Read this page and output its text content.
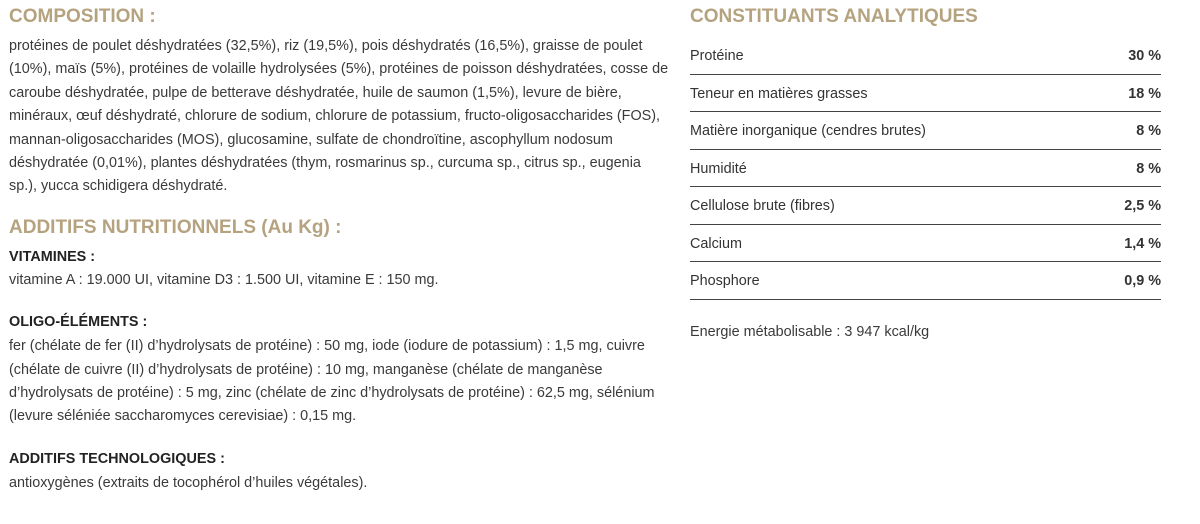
COMPOSITION :

protéines de poulet déshydratées (32,5%), riz (19,5%), pois déshydratés (16,5%), graisse de poulet (10%), maïs (5%), protéines de volaille hydrolysées (5%), protéines de poisson déshydratées, cosse de caroube déshydratée, pulpe de betterave déshydratée, huile de saumon (1,5%), levure de bière, minéraux, œuf déshydraté, chlorure de sodium, chlorure de potassium, fructo-oligosaccharides (FOS), mannan-oligosaccharides (MOS), glucosamine, sulfate de chondroïtine, ascophyllum nodosum déshydratée (0,01%), plantes déshydratées (thym, rosmarinus sp., curcuma sp., citrus sp., eugenia sp.), yucca schidigera déshydraté.

ADDITIFS NUTRITIONNELS (Au Kg) :

VITAMINES :

vitamine A : 19.000 UI, vitamine D3 : 1.500 UI, vitamine E : 150 mg.

OLIGO-ÉLÉMENTS :

fer (chélate de fer (II) d’hydrolysats de protéine) : 50 mg, iode (iodure de potassium) : 1,5 mg, cuivre (chélate de cuivre (II) d’hydrolysats de protéine) : 10 mg, manganèse (chélate de manganèse d’hydrolysats de protéine) : 5 mg, zinc (chélate de zinc d’hydrolysats de protéine) : 62,5 mg, sélénium (levure séléniée saccharomyces cerevisiae) : 0,15 mg.

ADDITIFS TECHNOLOGIQUES :

antioxygènes (extraits de tocophérol d’huiles végétales).

CONSTITUANTS ANALYTIQUES
Protéine	30 %
Teneur en matières grasses	18 %
Matière inorganique (cendres brutes)	8 %
Humidité	8 %
Cellulose brute (fibres)	2,5 %
Calcium	1,4 %
Phosphore	0,9 %

Energie métabolisable : 3 947 kcal/kg
